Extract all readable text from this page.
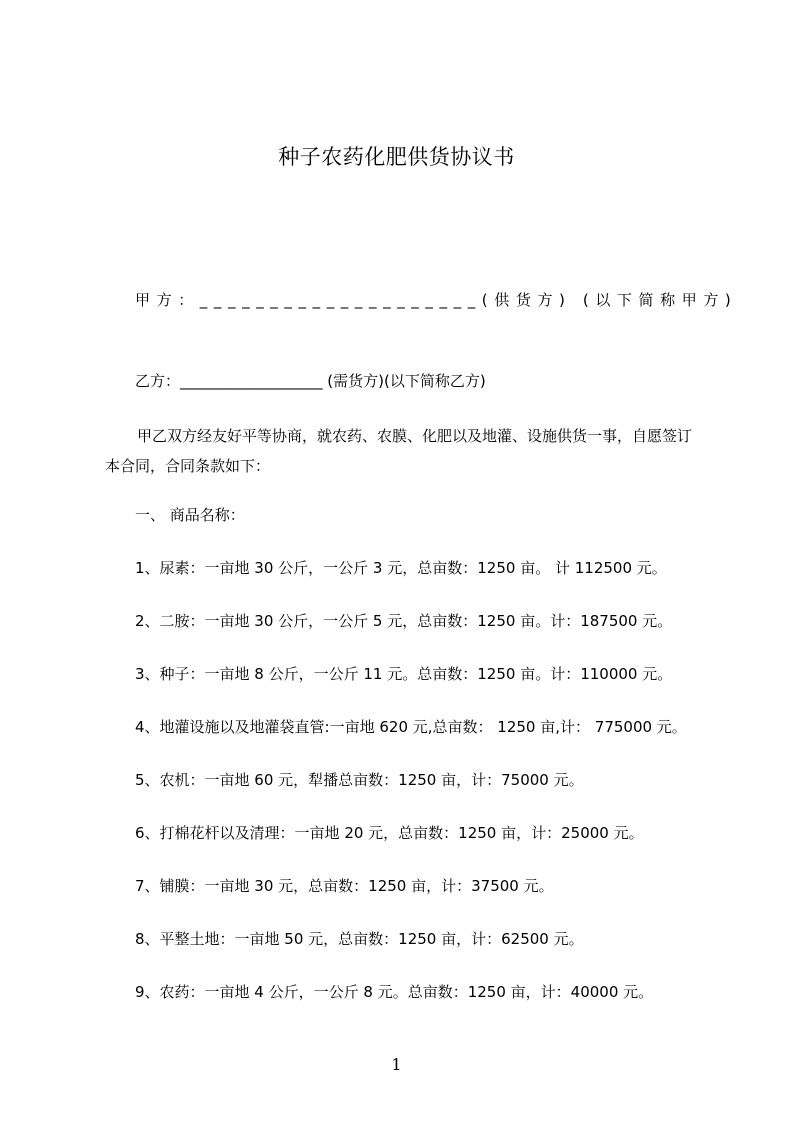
种子农药化肥供货协议书
甲方：____________________(供货方) (以下简称甲方)
乙方：___________________ (需货方)(以下简称乙方)
甲乙双方经友好平等协商，就农药、农膜、化肥以及地灌、设施供货一事，自愿签订本合同，合同条款如下：
一、 商品名称：
1、尿素：一亩地 30 公斤，一公斤 3 元，总亩数：1250 亩。 计 112500 元。
2、二胺：一亩地 30 公斤，一公斤 5 元，总亩数：1250 亩。计：187500 元。
3、种子：一亩地 8 公斤，一公斤 11 元。总亩数：1250 亩。计：110000 元。
4、地灌设施以及地灌袋直管:一亩地 620 元,总亩数： 1250 亩,计： 775000 元。
5、农机：一亩地 60 元，犁播总亩数：1250 亩，计：75000 元。
6、打棉花杆以及清理：一亩地 20 元，总亩数：1250 亩，计：25000 元。
7、铺膜：一亩地 30 元，总亩数：1250 亩，计：37500 元。
8、平整土地：一亩地 50 元，总亩数：1250 亩，计：62500 元。
9、农药：一亩地 4 公斤，一公斤 8 元。总亩数：1250 亩，计：40000 元。
1
